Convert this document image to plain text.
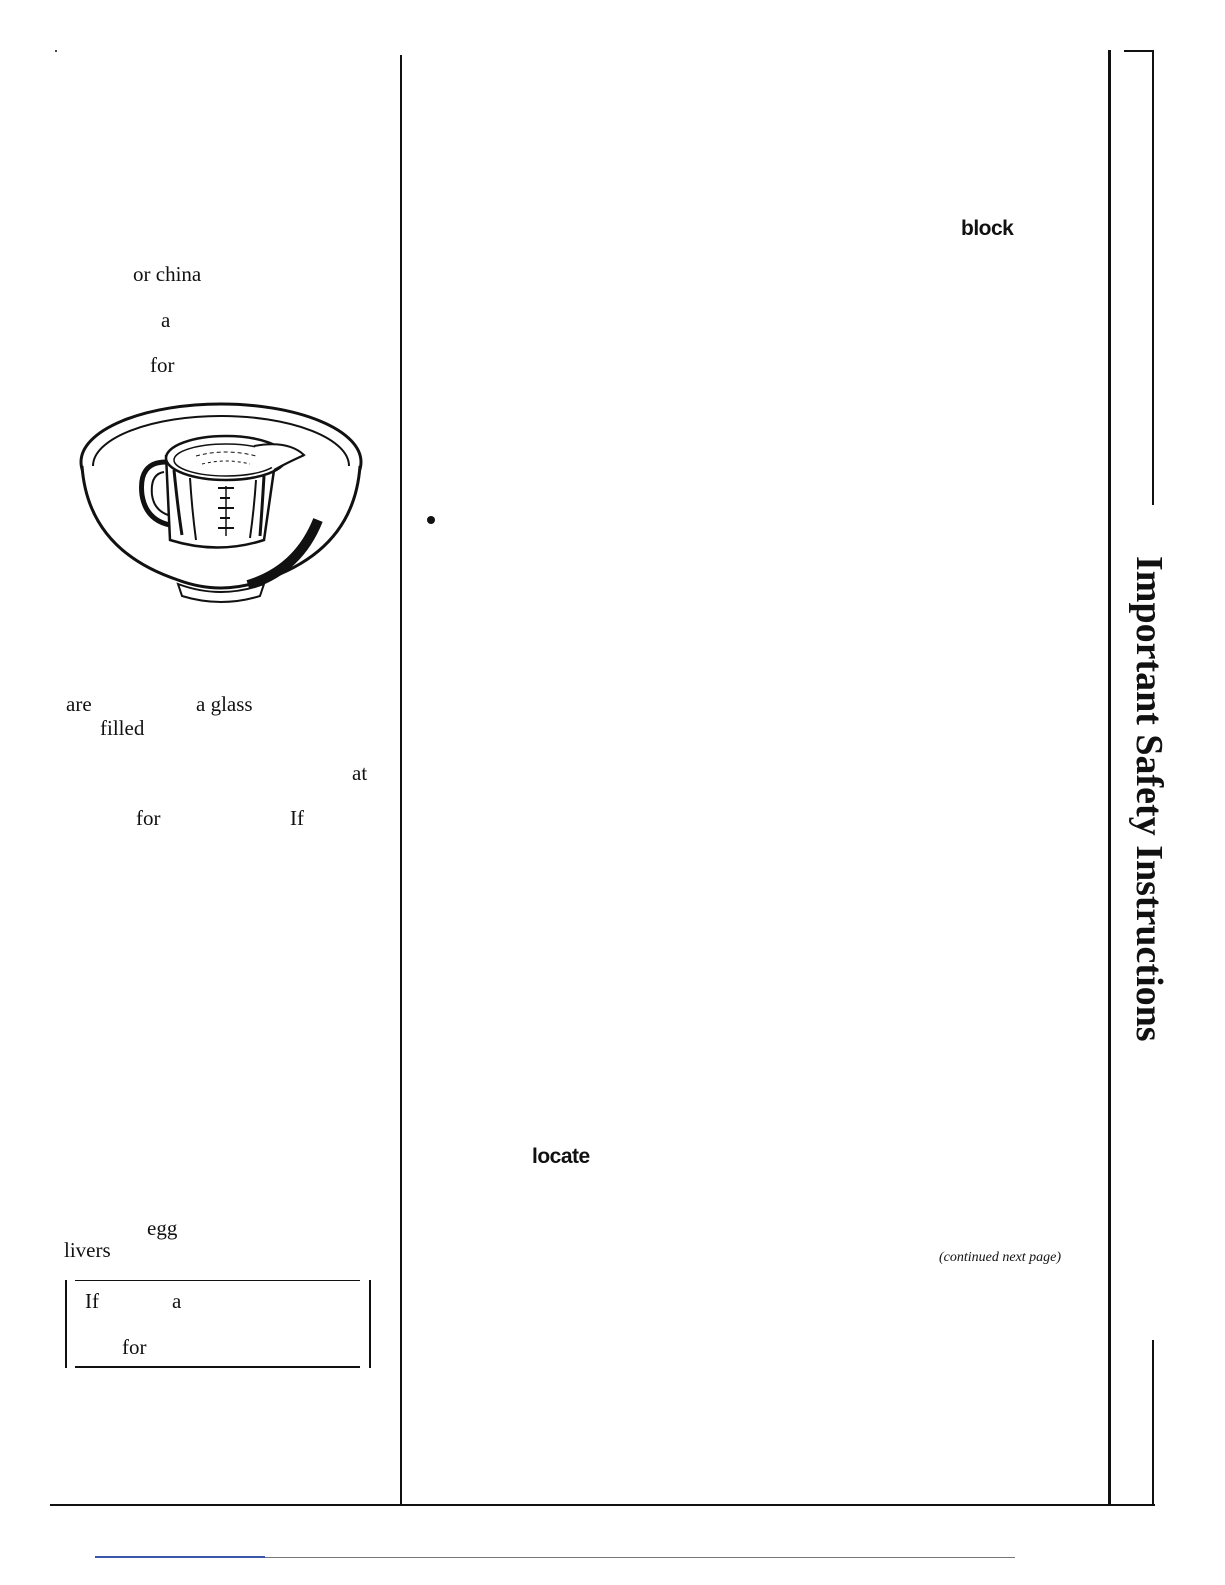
or china
a
for
are	a glass
filled
at
for	If
egg
livers
If	a
for
block
locate
(continued next page)
Important Safety Instructions
